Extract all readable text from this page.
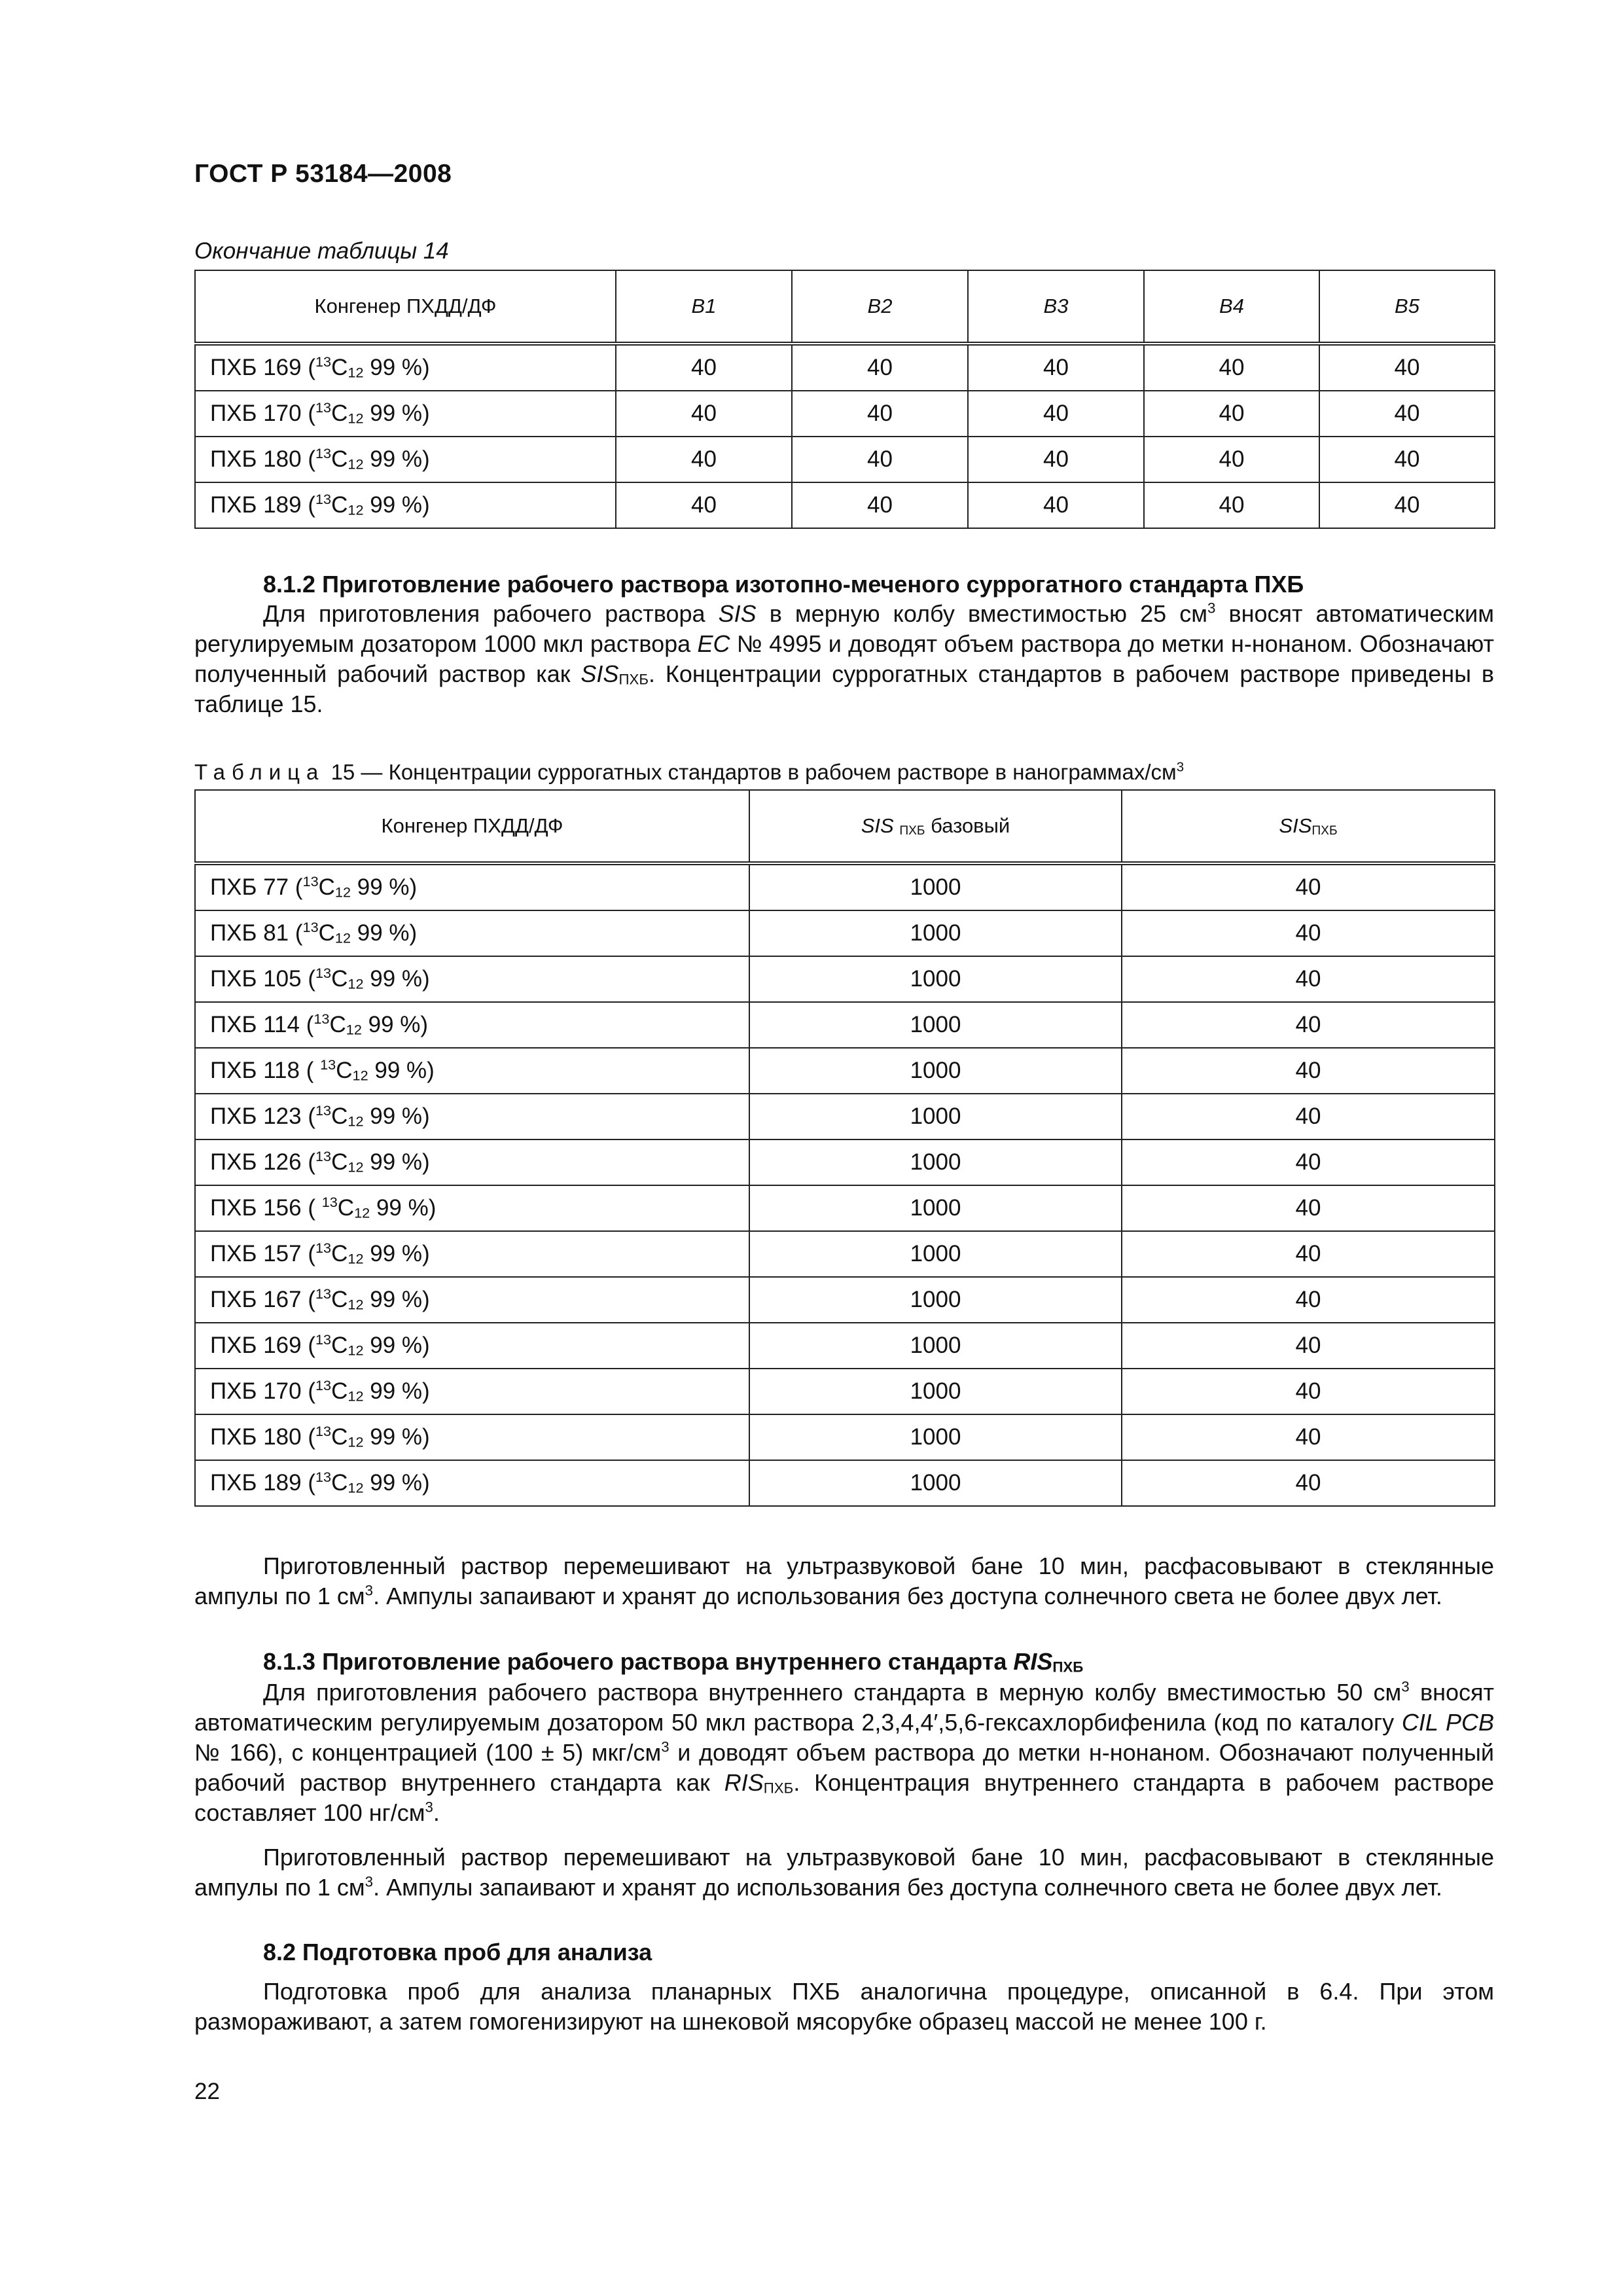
ГОСТ Р 53184—2008
Окончание таблицы 14
Конгенер ПХДД/ДФ	B1	B2	B3	B4	B5
ПХБ 169 ($^{13}C_{12}$ 99 %)	40	40	40	40	40
ПХБ 170 ($^{13}C_{12}$ 99 %)	40	40	40	40	40
ПХБ 180 ($^{13}C_{12}$ 99 %)	40	40	40	40	40
ПХБ 189 ($^{13}C_{12}$ 99 %)	40	40	40	40	40
8.1.2 Приготовление рабочего раствора изотопно-меченого суррогатного стандарта ПХБ

Для приготовления рабочего раствора SIS в мерную колбу вместимостью 25 $см^3$ вносят автоматическим регулируемым дозатором 1000 мкл раствора EC № 4995 и доводят объем раствора до метки н-нонаном. Обозначают полученный рабочий раствор как $SIS_{ПХБ}$. Концентрации суррогатных стандартов в рабочем растворе приведены в таблице 15.

Таблица 15 — Концентрации суррогатных стандартов в рабочем растворе в нанограммах/$см^3$
Конгенер ПХДД/ДФ	SIS $_{ПХБ}$ базовый	$SIS_{ПХБ}$
ПХБ 77 ($^{13}C_{12}$ 99 %)	1000	40
ПХБ 81 ($^{13}C_{12}$ 99 %)	1000	40
ПХБ 105 ($^{13}C_{12}$ 99 %)	1000	40
ПХБ 114 ($^{13}C_{12}$ 99 %)	1000	40
ПХБ 118 ( $^{13}C_{12}$ 99 %)	1000	40
ПХБ 123 ($^{13}C_{12}$ 99 %)	1000	40
ПХБ 126 ($^{13}C_{12}$ 99 %)	1000	40
ПХБ 156 ( $^{13}C_{12}$ 99 %)	1000	40
ПХБ 157 ($^{13}C_{12}$ 99 %)	1000	40
ПХБ 167 ($^{13}C_{12}$ 99 %)	1000	40
ПХБ 169 ($^{13}C_{12}$ 99 %)	1000	40
ПХБ 170 ($^{13}C_{12}$ 99 %)	1000	40
ПХБ 180 ($^{13}C_{12}$ 99 %)	1000	40
ПХБ 189 ($^{13}C_{12}$ 99 %)	1000	40

Приготовленный раствор перемешивают на ультразвуковой бане 10 мин, расфасовывают в стеклянные ампулы по 1 $см^3$. Ампулы запаивают и хранят до использования без доступа солнечного света не более двух лет.

8.1.3 Приготовление рабочего раствора внутреннего стандарта $RIS_{ПХБ}$

Для приготовления рабочего раствора внутреннего стандарта в мерную колбу вместимостью 50 $см^3$ вносят автоматическим регулируемым дозатором 50 мкл раствора 2,3,4,4′,5,6-гексахлорбифенила (код по каталогу CIL PCB № 166), с концентрацией (100 ± 5) мкг/$см^3$ и доводят объем раствора до метки н-нонаном. Обозначают полученный рабочий раствор внутреннего стандарта как $RIS_{ПХБ}$. Концентрация внутреннего стандарта в рабочем растворе составляет 100 $нг/см^3$.

Приготовленный раствор перемешивают на ультразвуковой бане 10 мин, расфасовывают в стеклянные ампулы по 1 $см^3$. Ампулы запаивают и хранят до использования без доступа солнечного света не более двух лет.

8.2 Подготовка проб для анализа

Подготовка проб для анализа планарных ПХБ аналогична процедуре, описанной в 6.4. При этом размораживают, а затем гомогенизируют на шнековой мясорубке образец массой не менее 100 г.

22
